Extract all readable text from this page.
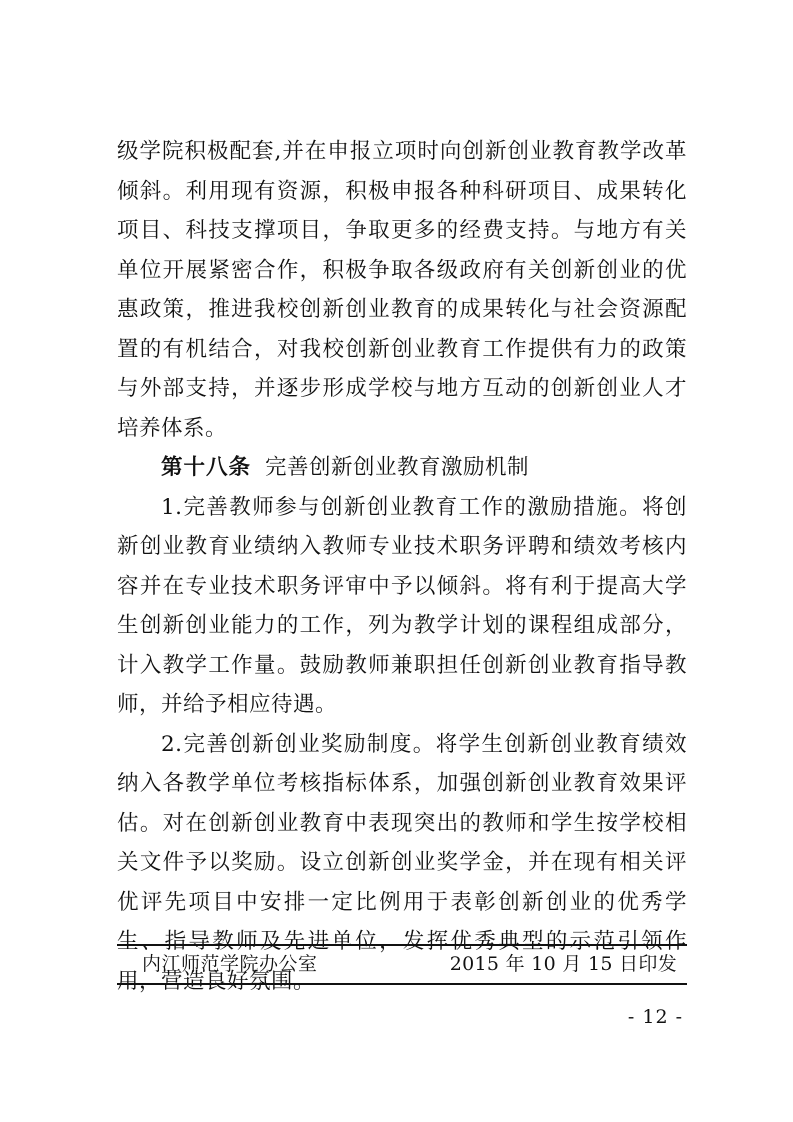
级学院积极配套,并在申报立项时向创新创业教育教学改革倾斜。利用现有资源，积极申报各种科研项目、成果转化项目、科技支撑项目，争取更多的经费支持。与地方有关单位开展紧密合作，积极争取各级政府有关创新创业的优惠政策，推进我校创新创业教育的成果转化与社会资源配置的有机结合，对我校创新创业教育工作提供有力的政策与外部支持，并逐步形成学校与地方互动的创新创业人才培养体系。

第十八条 完善创新创业教育激励机制

1.完善教师参与创新创业教育工作的激励措施。将创新创业教育业绩纳入教师专业技术职务评聘和绩效考核内容并在专业技术职务评审中予以倾斜。将有利于提高大学生创新创业能力的工作，列为教学计划的课程组成部分，计入教学工作量。鼓励教师兼职担任创新创业教育指导教师，并给予相应待遇。

2.完善创新创业奖励制度。将学生创新创业教育绩效纳入各教学单位考核指标体系，加强创新创业教育效果评估。对在创新创业教育中表现突出的教师和学生按学校相关文件予以奖励。设立创新创业奖学金，并在现有相关评优评先项目中安排一定比例用于表彰创新创业的优秀学生、指导教师及先进单位，发挥优秀典型的示范引领作用，营造良好氛围。

内江师范学院办公室	2015 年 10 月 15 日印发
- 12 -
